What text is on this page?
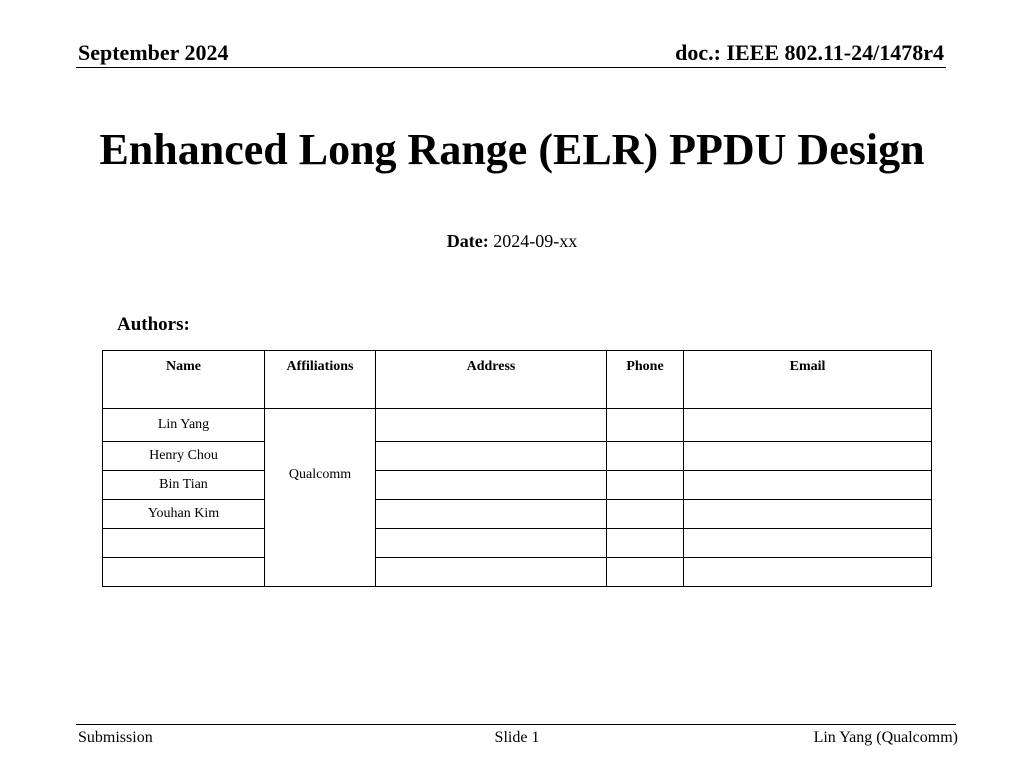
September 2024	doc.: IEEE 802.11-24/1478r4
Enhanced Long Range (ELR) PPDU Design
Date: 2024-09-xx
Authors:
Name	Affiliations	Address	Phone	Email
Lin Yang	Qualcomm			
Henry Chou				
Bin Tian				
Youhan Kim				

Submission	Slide 1	Lin Yang (Qualcomm)
